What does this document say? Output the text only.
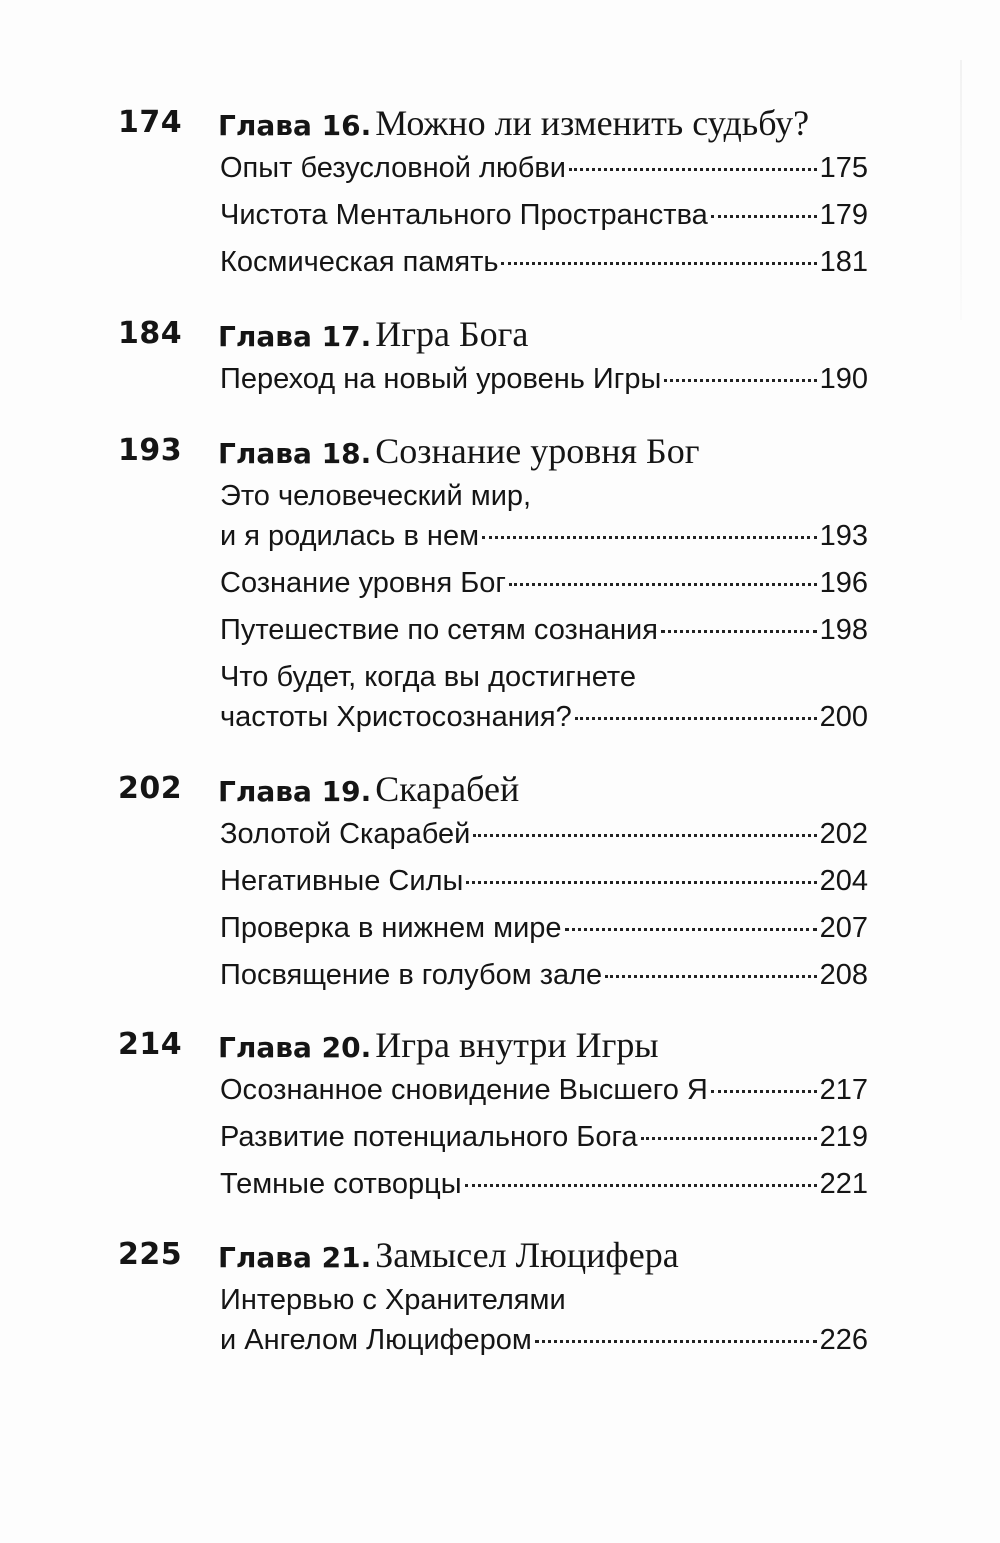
174 Глава 16. Можно ли изменить судьбу?
Опыт безусловной любви	175
Чистота Ментального Пространства	179
Космическая память	181
184 Глава 17. Игра Бога
Переход на новый уровень Игры	190
193 Глава 18. Сознание уровня Бог
Это человеческий мир,
и я родилась в нем	193
Сознание уровня Бог	196
Путешествие по сетям сознания	198
Что будет, когда вы достигнете
частоты Христосознания?	200
202 Глава 19. Скарабей
Золотой Скарабей	202
Негативные Силы	204
Проверка в нижнем мире	207
Посвящение в голубом зале	208
214 Глава 20. Игра внутри Игры
Осознанное сновидение Высшего Я	217
Развитие потенциального Бога	219
Темные сотворцы	221
225 Глава 21. Замысел Люцифера
Интервью с Хранителями
и Ангелом Люцифером	226
